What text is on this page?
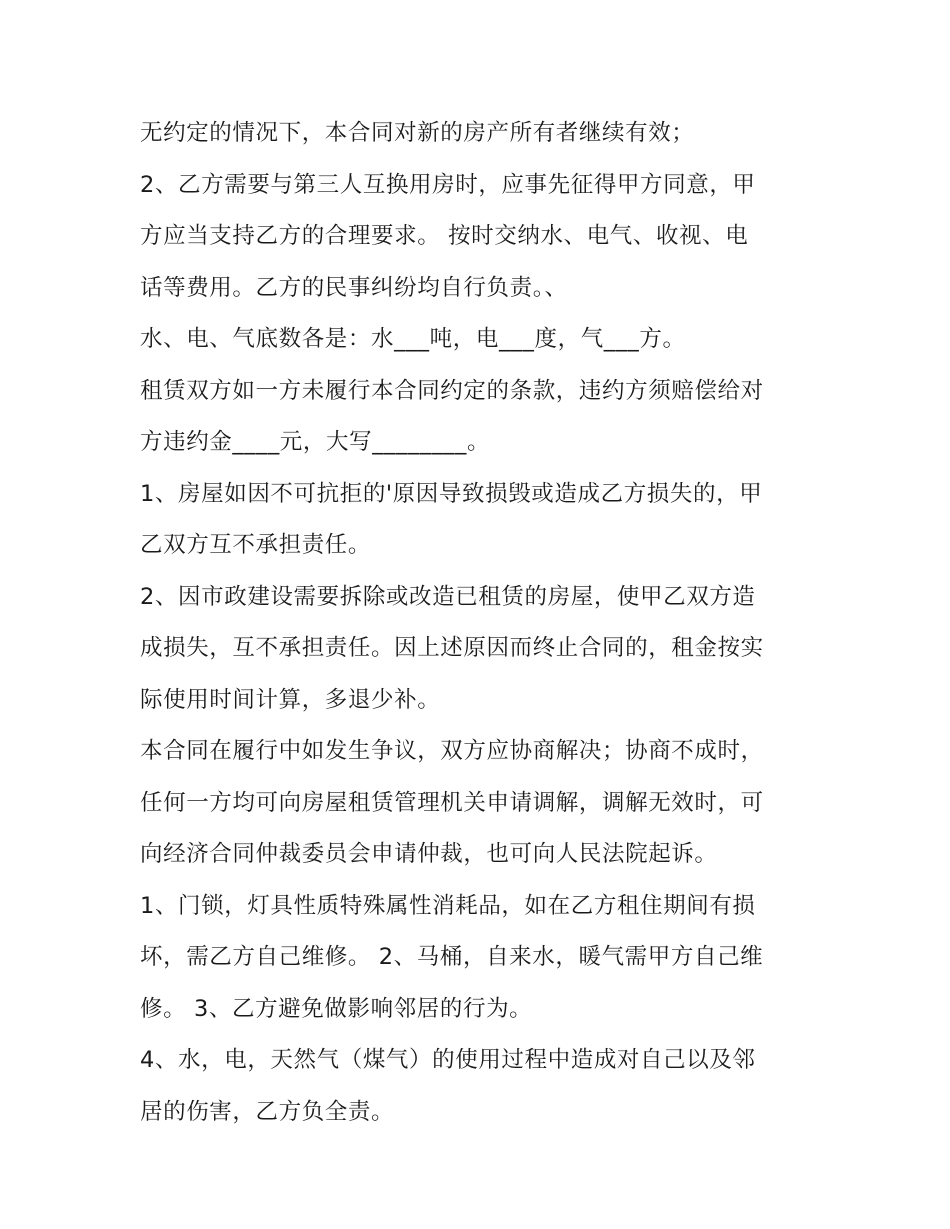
无约定的情况下，本合同对新的房产所有者继续有效；
2、乙方需要与第三人互换用房时，应事先征得甲方同意，甲
方应当支持乙方的合理要求。 按时交纳水、电气、收视、电
话等费用。乙方的民事纠纷均自行负责。、
水、电、气底数各是：水___吨，电___度，气___方。
租赁双方如一方未履行本合同约定的条款，违约方须赔偿给对
方违约金____元，大写________。
1、房屋如因不可抗拒的'原因导致损毁或造成乙方损失的，甲
乙双方互不承担责任。
2、因市政建设需要拆除或改造已租赁的房屋，使甲乙双方造
成损失，互不承担责任。因上述原因而终止合同的，租金按实
际使用时间计算，多退少补。
本合同在履行中如发生争议，双方应协商解决；协商不成时，
任何一方均可向房屋租赁管理机关申请调解，调解无效时，可
向经济合同仲裁委员会申请仲裁，也可向人民法院起诉。
1、门锁，灯具性质特殊属性消耗品，如在乙方租住期间有损
坏，需乙方自己维修。 2、马桶，自来水，暖气需甲方自己维
修。 3、乙方避免做影响邻居的行为。
4、水，电，天然气（煤气）的使用过程中造成对自己以及邻
居的伤害，乙方负全责。
